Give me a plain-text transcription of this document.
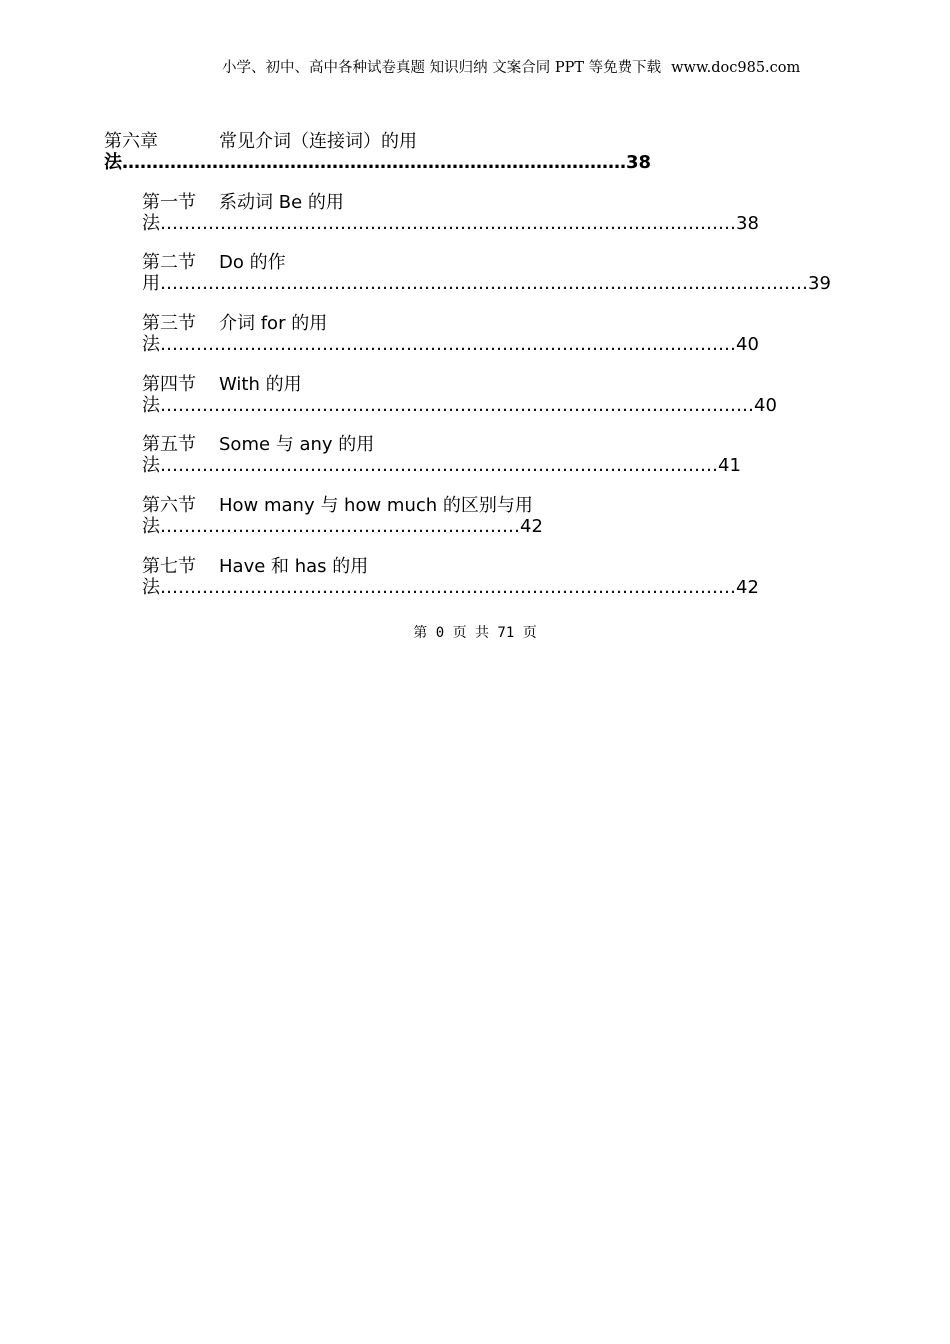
小学、初中、高中各种试卷真题 知识归纳 文案合同 PPT 等免费下载 www.doc985.com
第六章	常见介词（连接词）的用
法…………………………………………………………………………38
第一节 系动词 Be 的用
法……………………………………………………………………………………38
第二节 Do 的作
用………………………………………………………………………………………………39
第三节 介词 for 的用
法……………………………………………………………………………………40
第四节 With 的用
法………………………………………………………………………………………40
第五节 Some 与 any 的用
法…………………………………………………………………………………41
第六节 How many 与 how much 的区别与用
法……………………………………………………42
第七节 Have 和 has 的用
法……………………………………………………………………………………42
第 0 页 共 71 页
